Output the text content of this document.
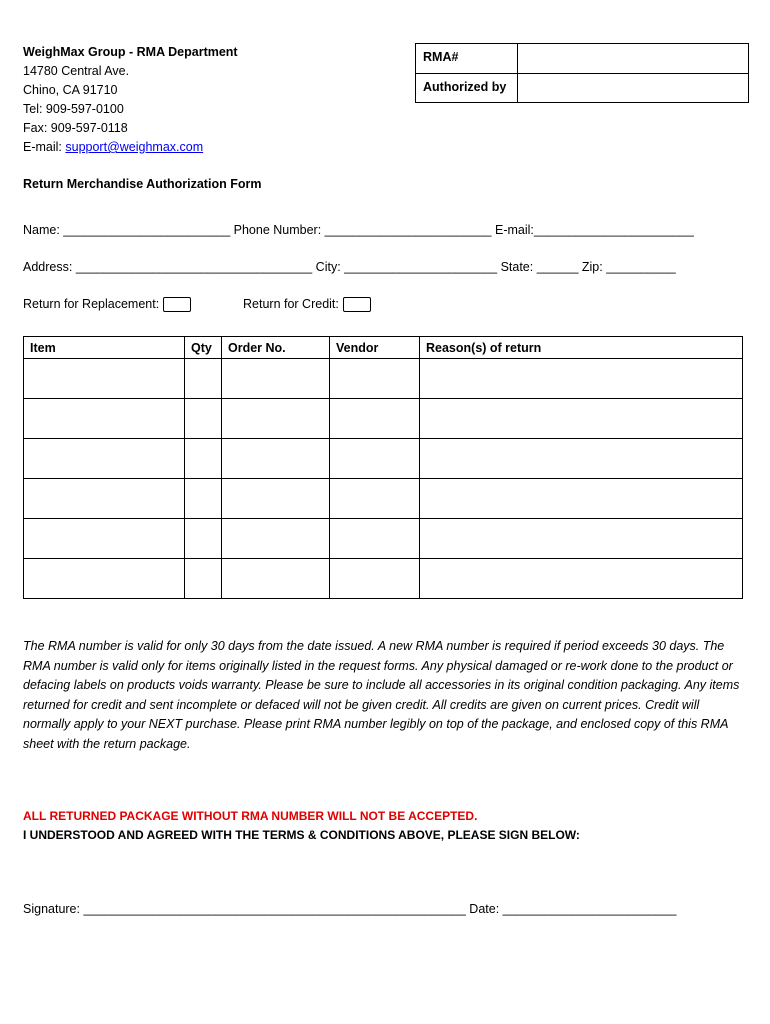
WeighMax Group - RMA Department
14780 Central Ave.
Chino, CA 91710
Tel: 909-597-0100
Fax: 909-597-0118
E-mail: support@weighmax.com
RMA#
Authorized by
Return Merchandise Authorization Form
Name: ________________________ Phone Number: ________________________ E-mail:_______________________
Address: __________________________________ City: ______________________ State: ______ Zip: __________
Return for Replacement:	Return for Credit:
Item	Qty	Order No.	Vendor	Reason(s) of return

The RMA number is valid for only 30 days from the date issued. A new RMA number is required if period exceeds 30 days. The RMA number is valid only for items originally listed in the request forms. Any physical damaged or re-work done to the product or defacing labels on products voids warranty. Please be sure to include all accessories in its original condition packaging. Any items returned for credit and sent incomplete or defaced will not be given credit. All credits are given on current prices. Credit will normally apply to your NEXT purchase. Please print RMA number legibly on top of the package, and enclosed copy of this RMA sheet with the return package.
ALL RETURNED PACKAGE WITHOUT RMA NUMBER WILL NOT BE ACCEPTED.
I UNDERSTOOD AND AGREED WITH THE TERMS & CONDITIONS ABOVE, PLEASE SIGN BELOW:
Signature: _______________________________________________________ Date: _________________________
